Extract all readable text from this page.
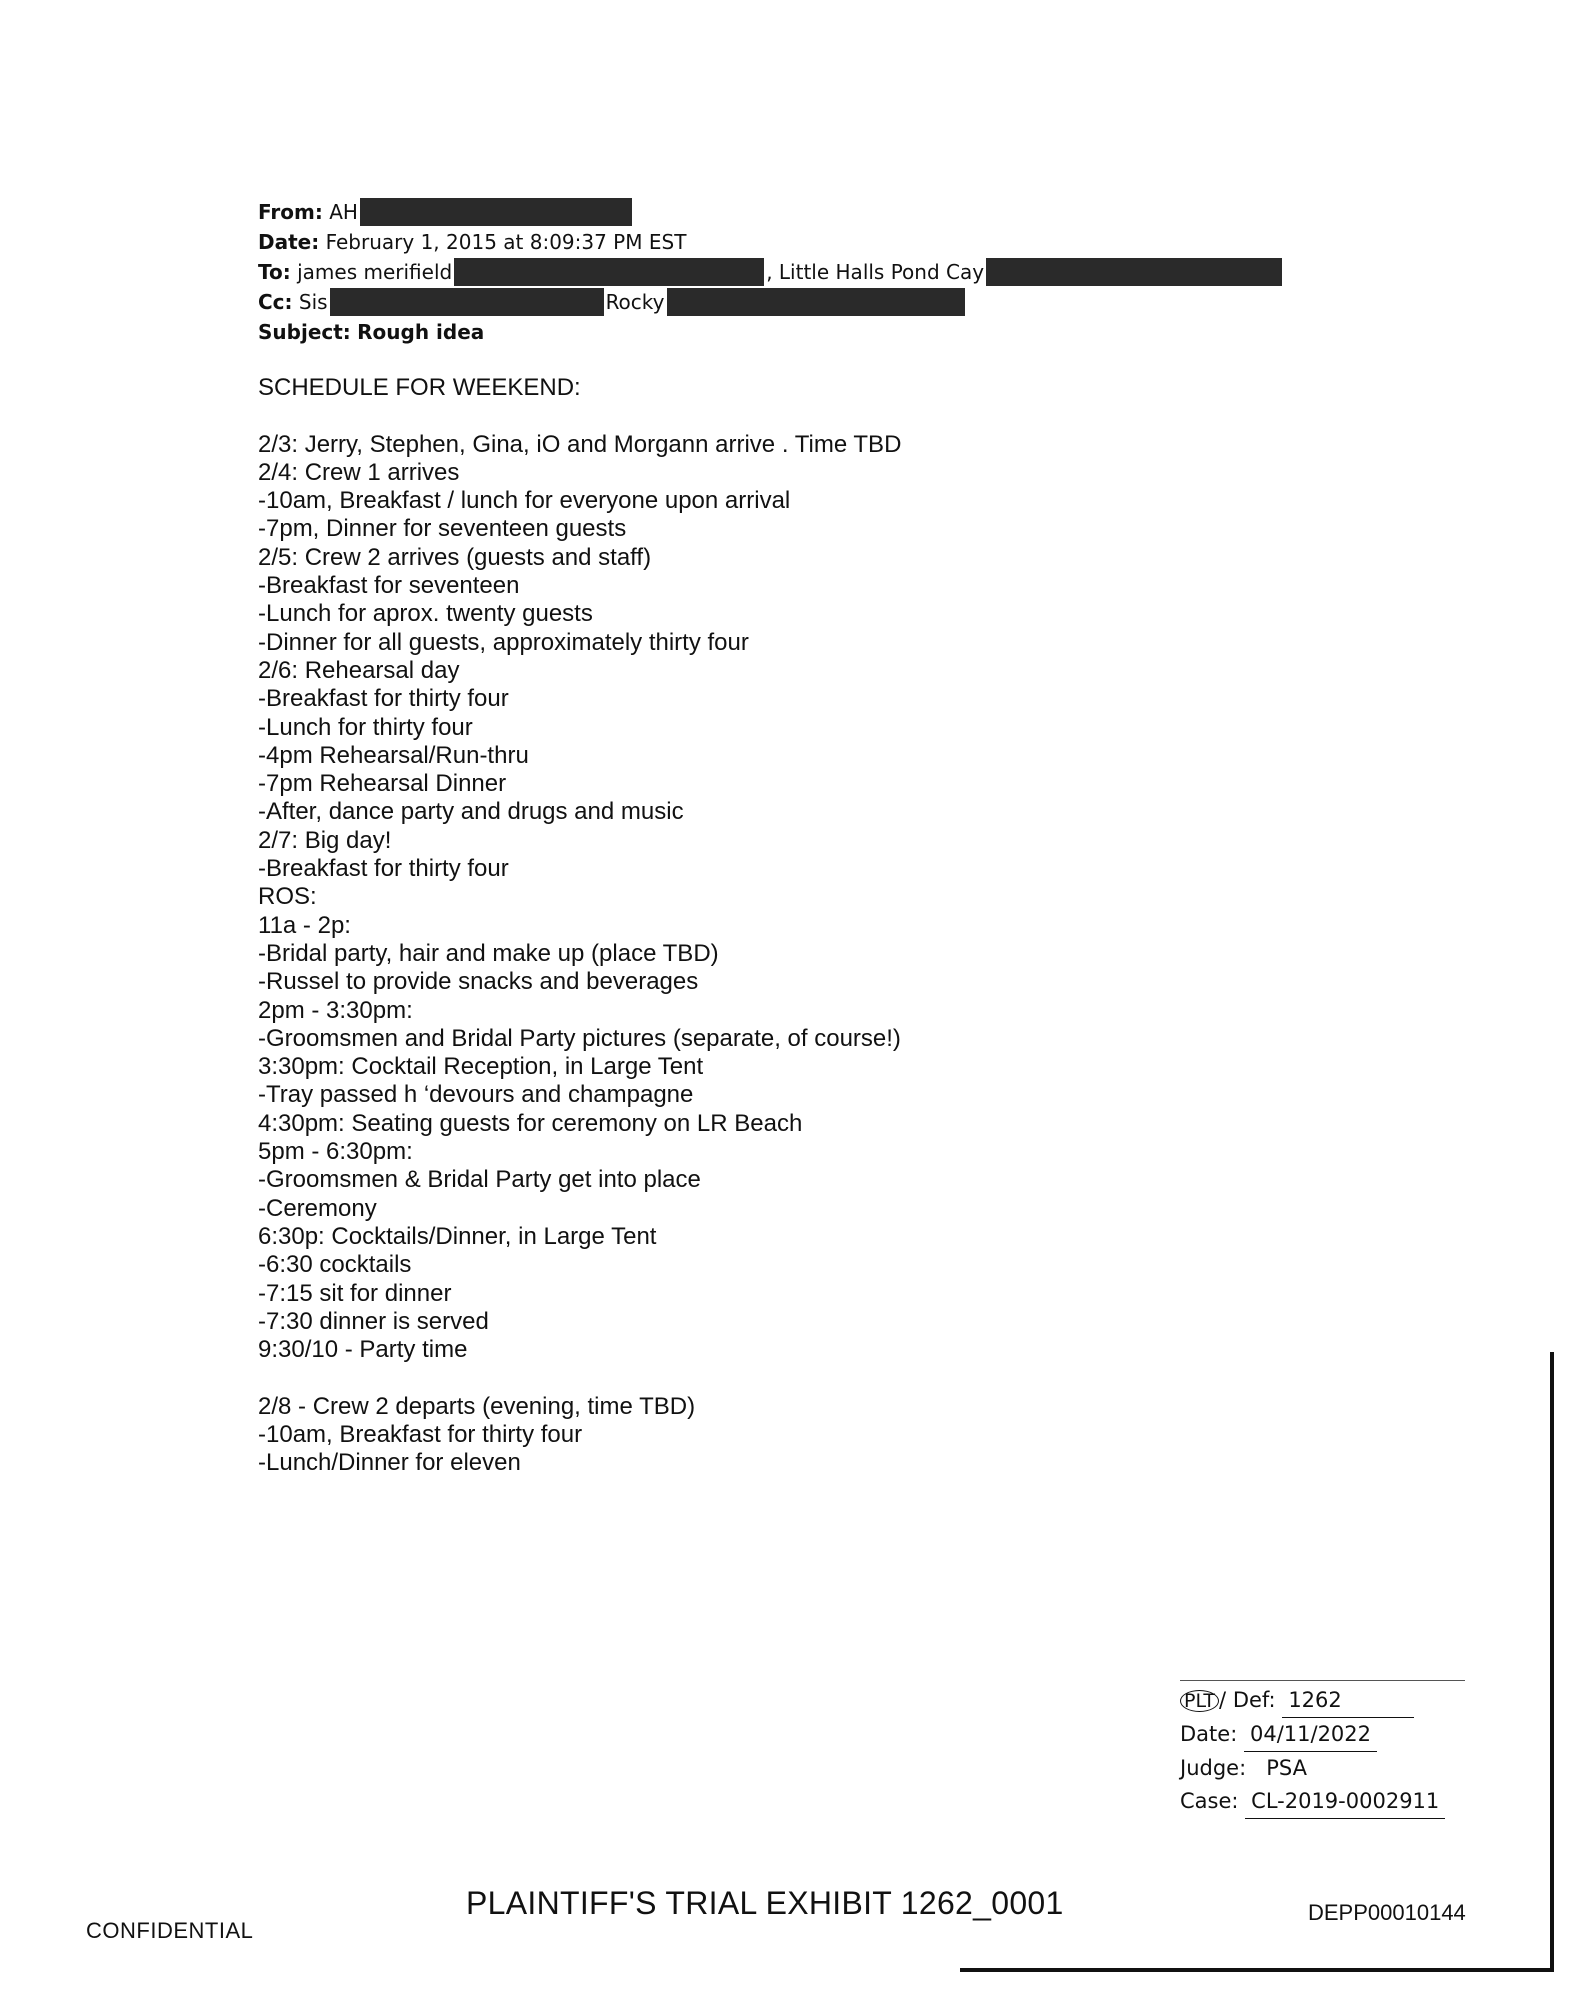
From:
AH
Date:
February 1, 2015 at 8:09:37 PM EST
To:
james merifield	, Little Halls Pond Cay
Cc:
Sis	Rocky
Subject:
Rough idea
SCHEDULE FOR WEEKEND:
2/3: Jerry, Stephen, Gina, iO and Morgann arrive . Time TBD
2/4: Crew 1 arrives
-10am, Breakfast / lunch for everyone upon arrival
-7pm, Dinner for seventeen guests
2/5: Crew 2 arrives (guests and staff)
-Breakfast for seventeen
-Lunch for aprox. twenty guests
-Dinner for all guests, approximately thirty four
2/6: Rehearsal day
-Breakfast for thirty four
-Lunch for thirty four
-4pm Rehearsal/Run-thru
-7pm Rehearsal Dinner
-After, dance party and drugs and music
2/7: Big day!
-Breakfast for thirty four
ROS:
11a - 2p:
-Bridal party, hair and make up (place TBD)
-Russel to provide snacks and beverages
2pm - 3:30pm:
-Groomsmen and Bridal Party pictures (separate, of course!)
3:30pm: Cocktail Reception, in Large Tent
-Tray passed h ‘devours and champagne
4:30pm: Seating guests for ceremony on LR Beach
5pm - 6:30pm:
-Groomsmen & Bridal Party get into place
-Ceremony
6:30p: Cocktails/Dinner, in Large Tent
-6:30 cocktails
-7:15 sit for dinner
-7:30 dinner is served
9:30/10 - Party time
2/8 - Crew 2 departs (evening, time TBD)
-10am, Breakfast for thirty four
-Lunch/Dinner for eleven
PLT / Def:
1262
Date:
04/11/2022
Judge:
PSA
Case:
CL-2019-0002911
CONFIDENTIAL
PLAINTIFF'S TRIAL EXHIBIT 1262_0001	DEPP00010144
